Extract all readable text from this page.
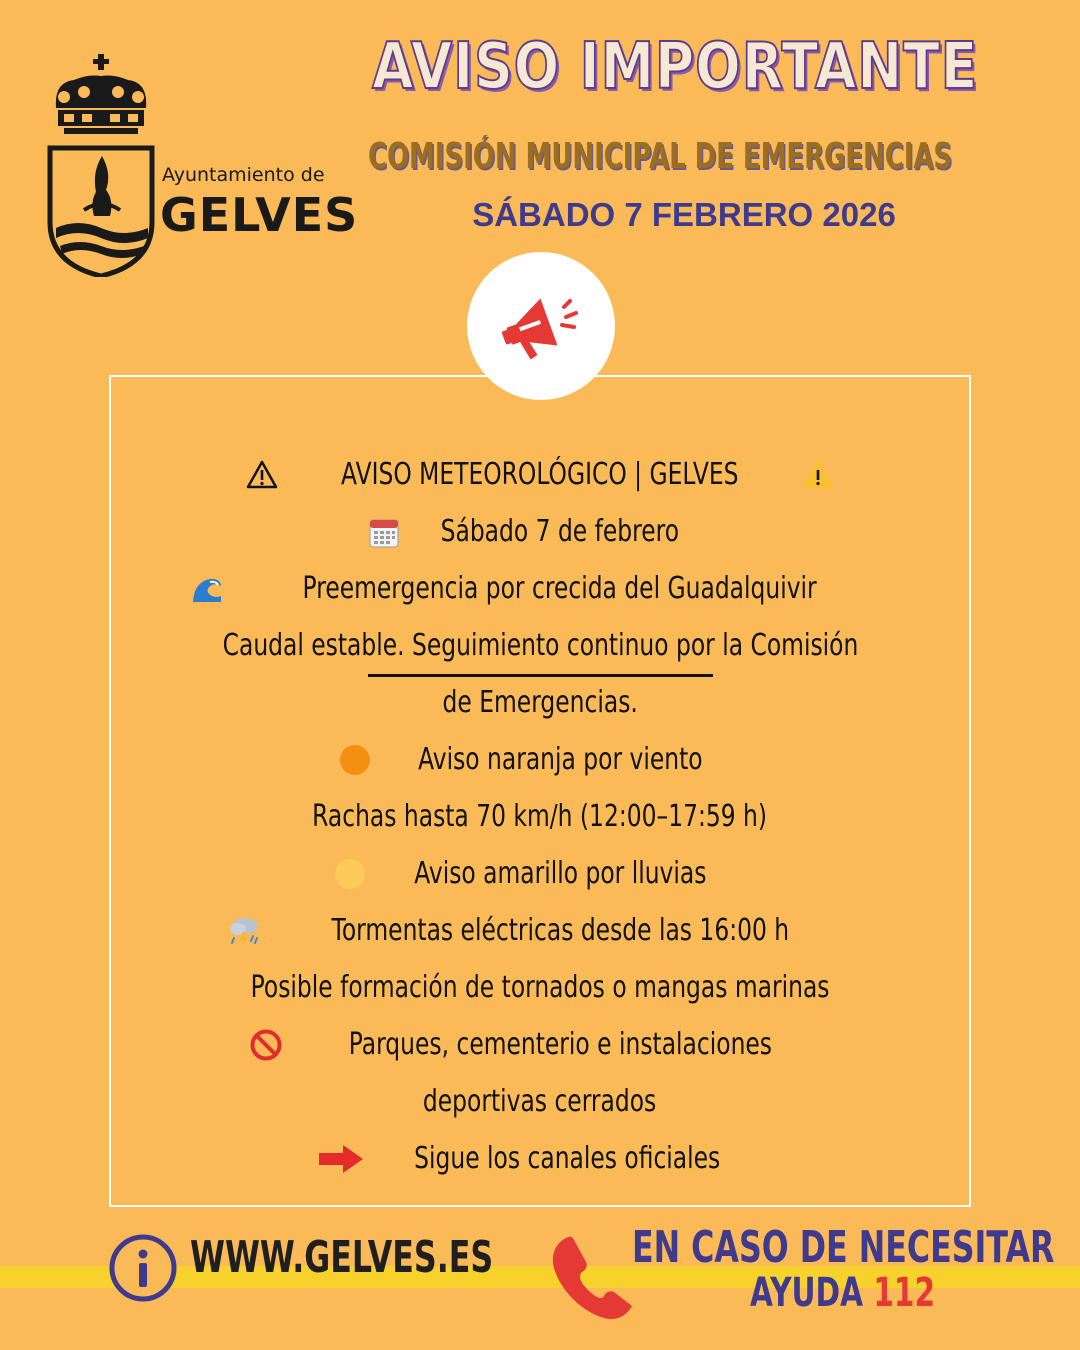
Ayuntamiento de
GELVES
AVISO IMPORTANTE
COMISIÓN MUNICIPAL DE EMERGENCIAS
SÁBADO 7 FEBRERO 2026
AVISO METEOROLÓGICO | GELVES
Sábado 7 de febrero
Preemergencia por crecida del Guadalquivir
Caudal estable. Seguimiento continuo por la Comisión
de Emergencias.
Aviso naranja por viento
Rachas hasta 70 km/h (12:00–17:59 h)
Aviso amarillo por lluvias
Tormentas eléctricas desde las 16:00 h
Posible formación de tornados o mangas marinas
Parques, cementerio e instalaciones
deportivas cerrados
Sigue los canales oficiales
WWW.GELVES.ES	EN CASO DE NECESITAR
AYUDA 112
